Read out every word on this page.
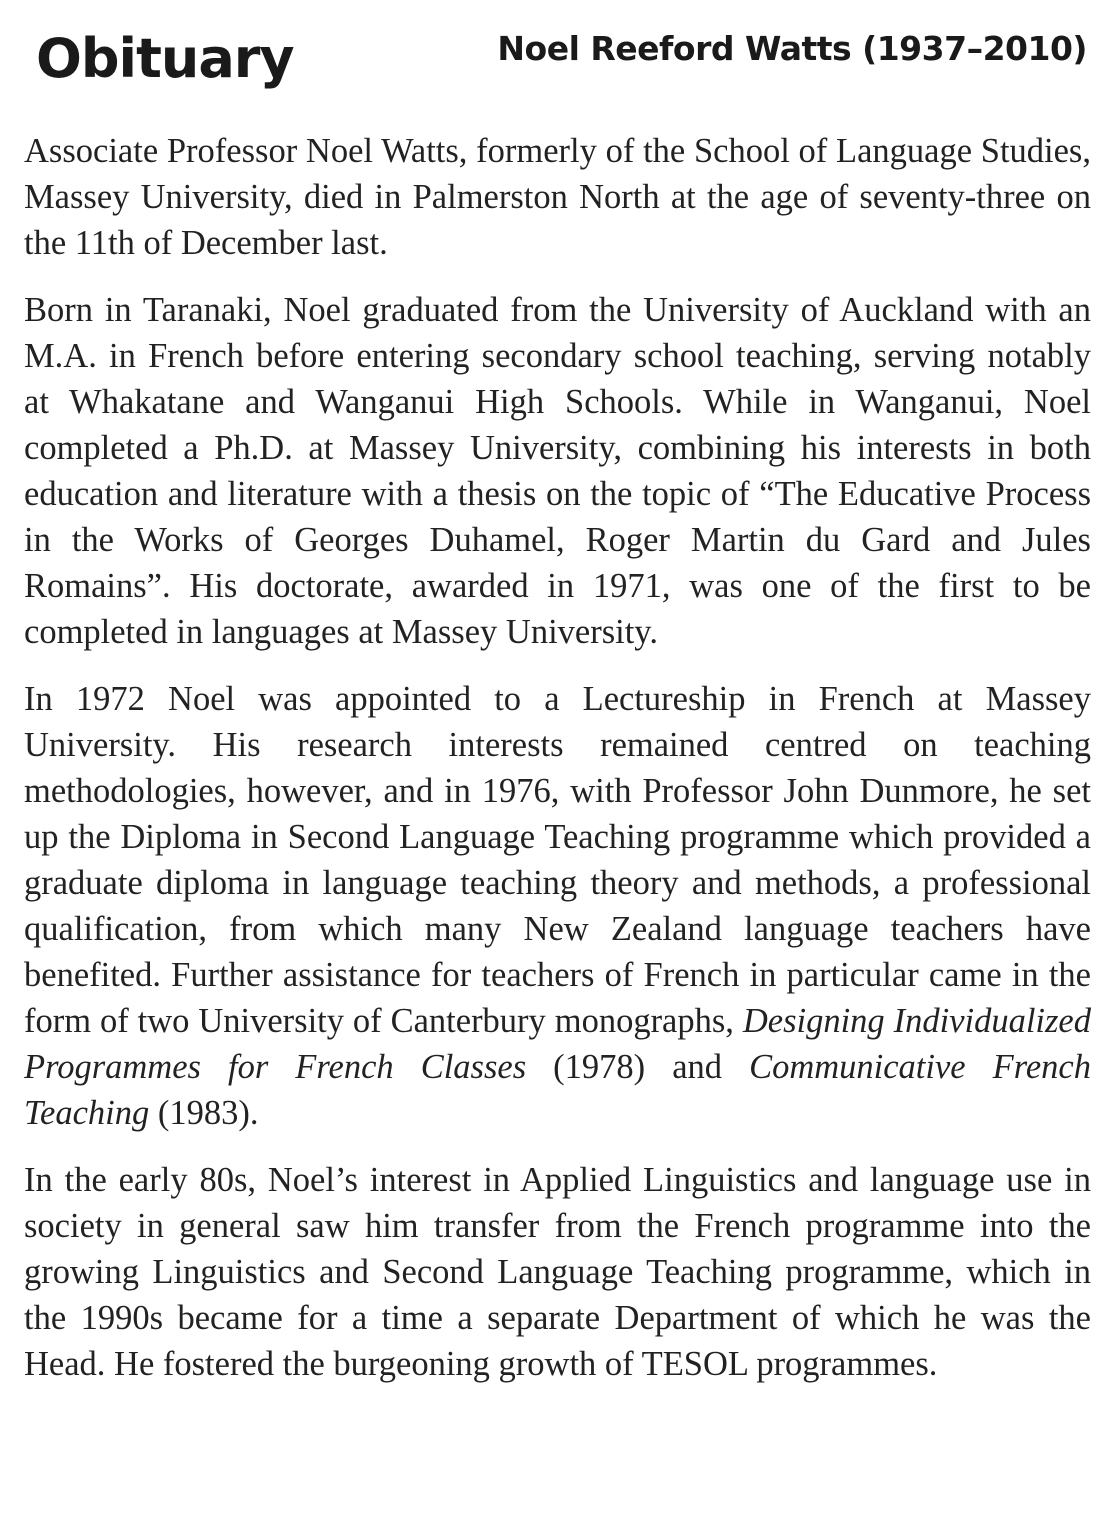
Obituary	Noel Reeford Watts (1937–2010)

Associate Professor Noel Watts, formerly of the School of Language Studies, Massey University, died in Palmerston North at the age of seventy-three on the 11th of December last.

Born in Taranaki, Noel graduated from the University of Auckland with an M.A. in French before entering secondary school teaching, serving notably at Whakatane and Wanganui High Schools. While in Wanganui, Noel completed a Ph.D. at Massey University, combining his interests in both education and literature with a thesis on the topic of “The Educative Process in the Works of Georges Duhamel, Roger Martin du Gard and Jules Romains”. His doctorate, awarded in 1971, was one of the first to be completed in languages at Massey University.

In 1972 Noel was appointed to a Lectureship in French at Massey University. His research interests remained centred on teaching methodologies, however, and in 1976, with Professor John Dunmore, he set up the Diploma in Second Language Teaching programme which provided a graduate diploma in language teaching theory and methods, a professional qualification, from which many New Zealand language teachers have benefited. Further assistance for teachers of French in particular came in the form of two University of Canterbury monographs, Designing Individualized Programmes for French Classes (1978) and Communicative French Teaching (1983).

In the early 80s, Noel’s interest in Applied Linguistics and language use in society in general saw him transfer from the French programme into the growing Linguistics and Second Language Teaching programme, which in the 1990s became for a time a separate Department of which he was the Head. He fostered the burgeoning growth of TESOL programmes.
